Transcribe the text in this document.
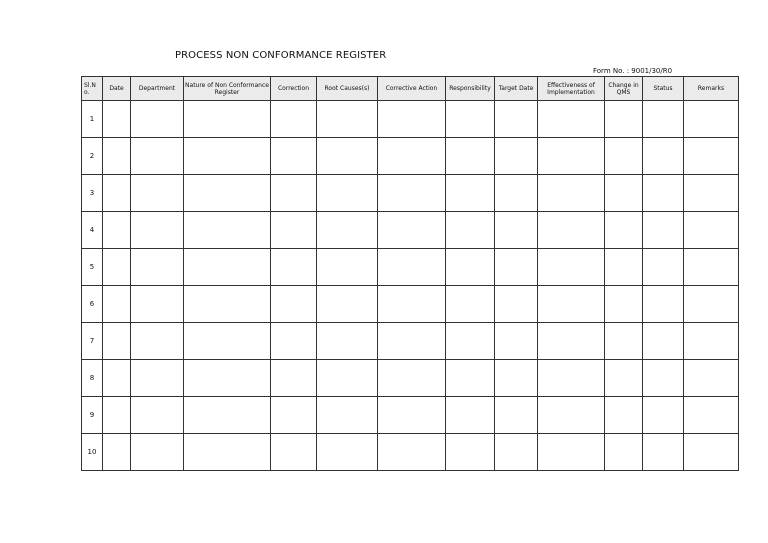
PROCESS NON CONFORMANCE REGISTER
Form No. : 9001/30/R0
Sl.N o.	Date	Department	Nature of Non Conformance Register	Correction	Root Causes(s)	Corrective Action	Responsibility	Target Date	Effectiveness of Implementation	Change in QMS	Status	Remarks
1												
2												
3												
4												
5												
6												
7												
8												
9												
10												
